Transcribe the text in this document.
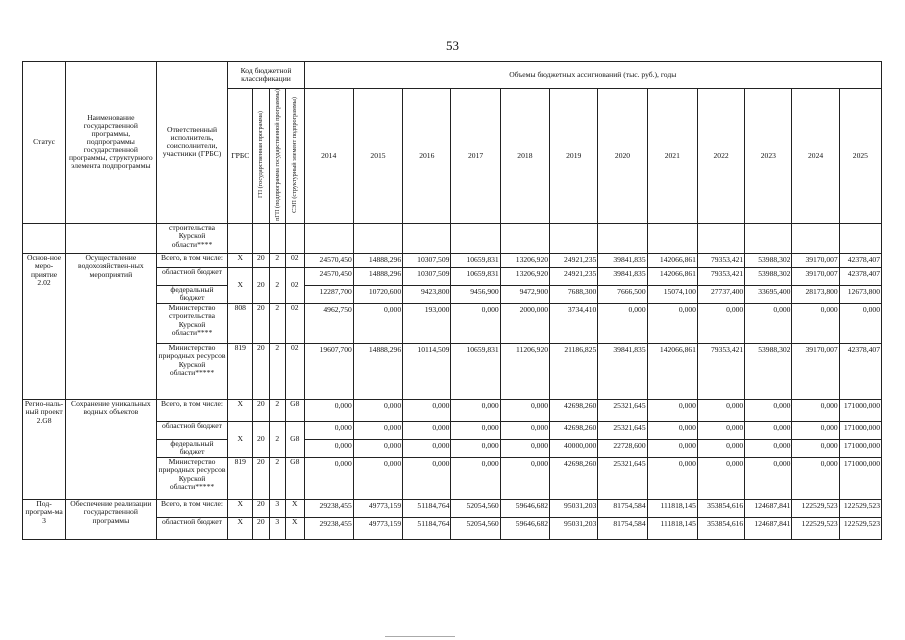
53
Статус	Наименование государственной программы, подпрограммы государственной программы, структурного элемента подпрограммы	Ответственный исполнитель, соисполнители, участники (ГРБС)	Код бюджетной классификации				Объемы бюджетных ассигнований (тыс. руб.), годы											
			ГРБС	ГП (государственная программа)	пГП (подпрограмма государственной программы)	СЭП (структурный элемент подпрограммы)	2014	2015	2016	2017	2018	2019	2020	2021	2022	2023	2024	2025
		строительства Курской области****																
Основ-ное меро-приятие 2.02	Осуществление водохозяйствен-ных мероприятий	Всего, в том числе:	Х	20	2	02	24570,450	14888,296	10307,509	10659,831	13206,920	24921,235	39841,835	142066,861	79353,421	53988,302	39170,007	42378,407
		областной бюджет	Х	20	2	02	24570,450	14888,296	10307,509	10659,831	13206,920	24921,235	39841,835	142066,861	79353,421	53988,302	39170,007	42378,407
		федеральный бюджет					12287,700	10720,600	9423,800	9456,900	9472,900	7688,300	7666,500	15074,100	27737,400	33695,400	28173,800	12673,800
		Министерство строительства Курской области****	808	20	2	02	4962,750	0,000	193,000	0,000	2000,000	3734,410	0,000	0,000	0,000	0,000	0,000	0,000
		Министерство природных ресурсов Курской области*****	819	20	2	02	19607,700	14888,296	10114,509	10659,831	11206,920	21186,825	39841,835	142066,861	79353,421	53988,302	39170,007	42378,407
Регио-наль-ный проект 2.G8	Сохранение уникальных водных объектов	Всего, в том числе:	Х	20	2	G8	0,000	0,000	0,000	0,000	0,000	42698,260	25321,645	0,000	0,000	0,000	0,000	171000,000
		областной бюджет	Х	20	2	G8	0,000	0,000	0,000	0,000	0,000	42698,260	25321,645	0,000	0,000	0,000	0,000	171000,000
		федеральный бюджет					0,000	0,000	0,000	0,000	0,000	40000,000	22728,600	0,000	0,000	0,000	0,000	171000,000
		Министерство природных ресурсов Курской области*****	819	20	2	G8	0,000	0,000	0,000	0,000	0,000	42698,260	25321,645	0,000	0,000	0,000	0,000	171000,000
Под-програм-ма 3	Обеспечение реализации государственной программы	Всего, в том числе:	Х	20	3	Х	29238,455	49773,159	51184,764	52054,560	59646,682	95031,203	81754,584	111818,145	353854,616	124687,841	122529,523	122529,523
		областной бюджет	Х	20	3	Х	29238,455	49773,159	51184,764	52054,560	59646,682	95031,203	81754,584	111818,145	353854,616	124687,841	122529,523	122529,523
